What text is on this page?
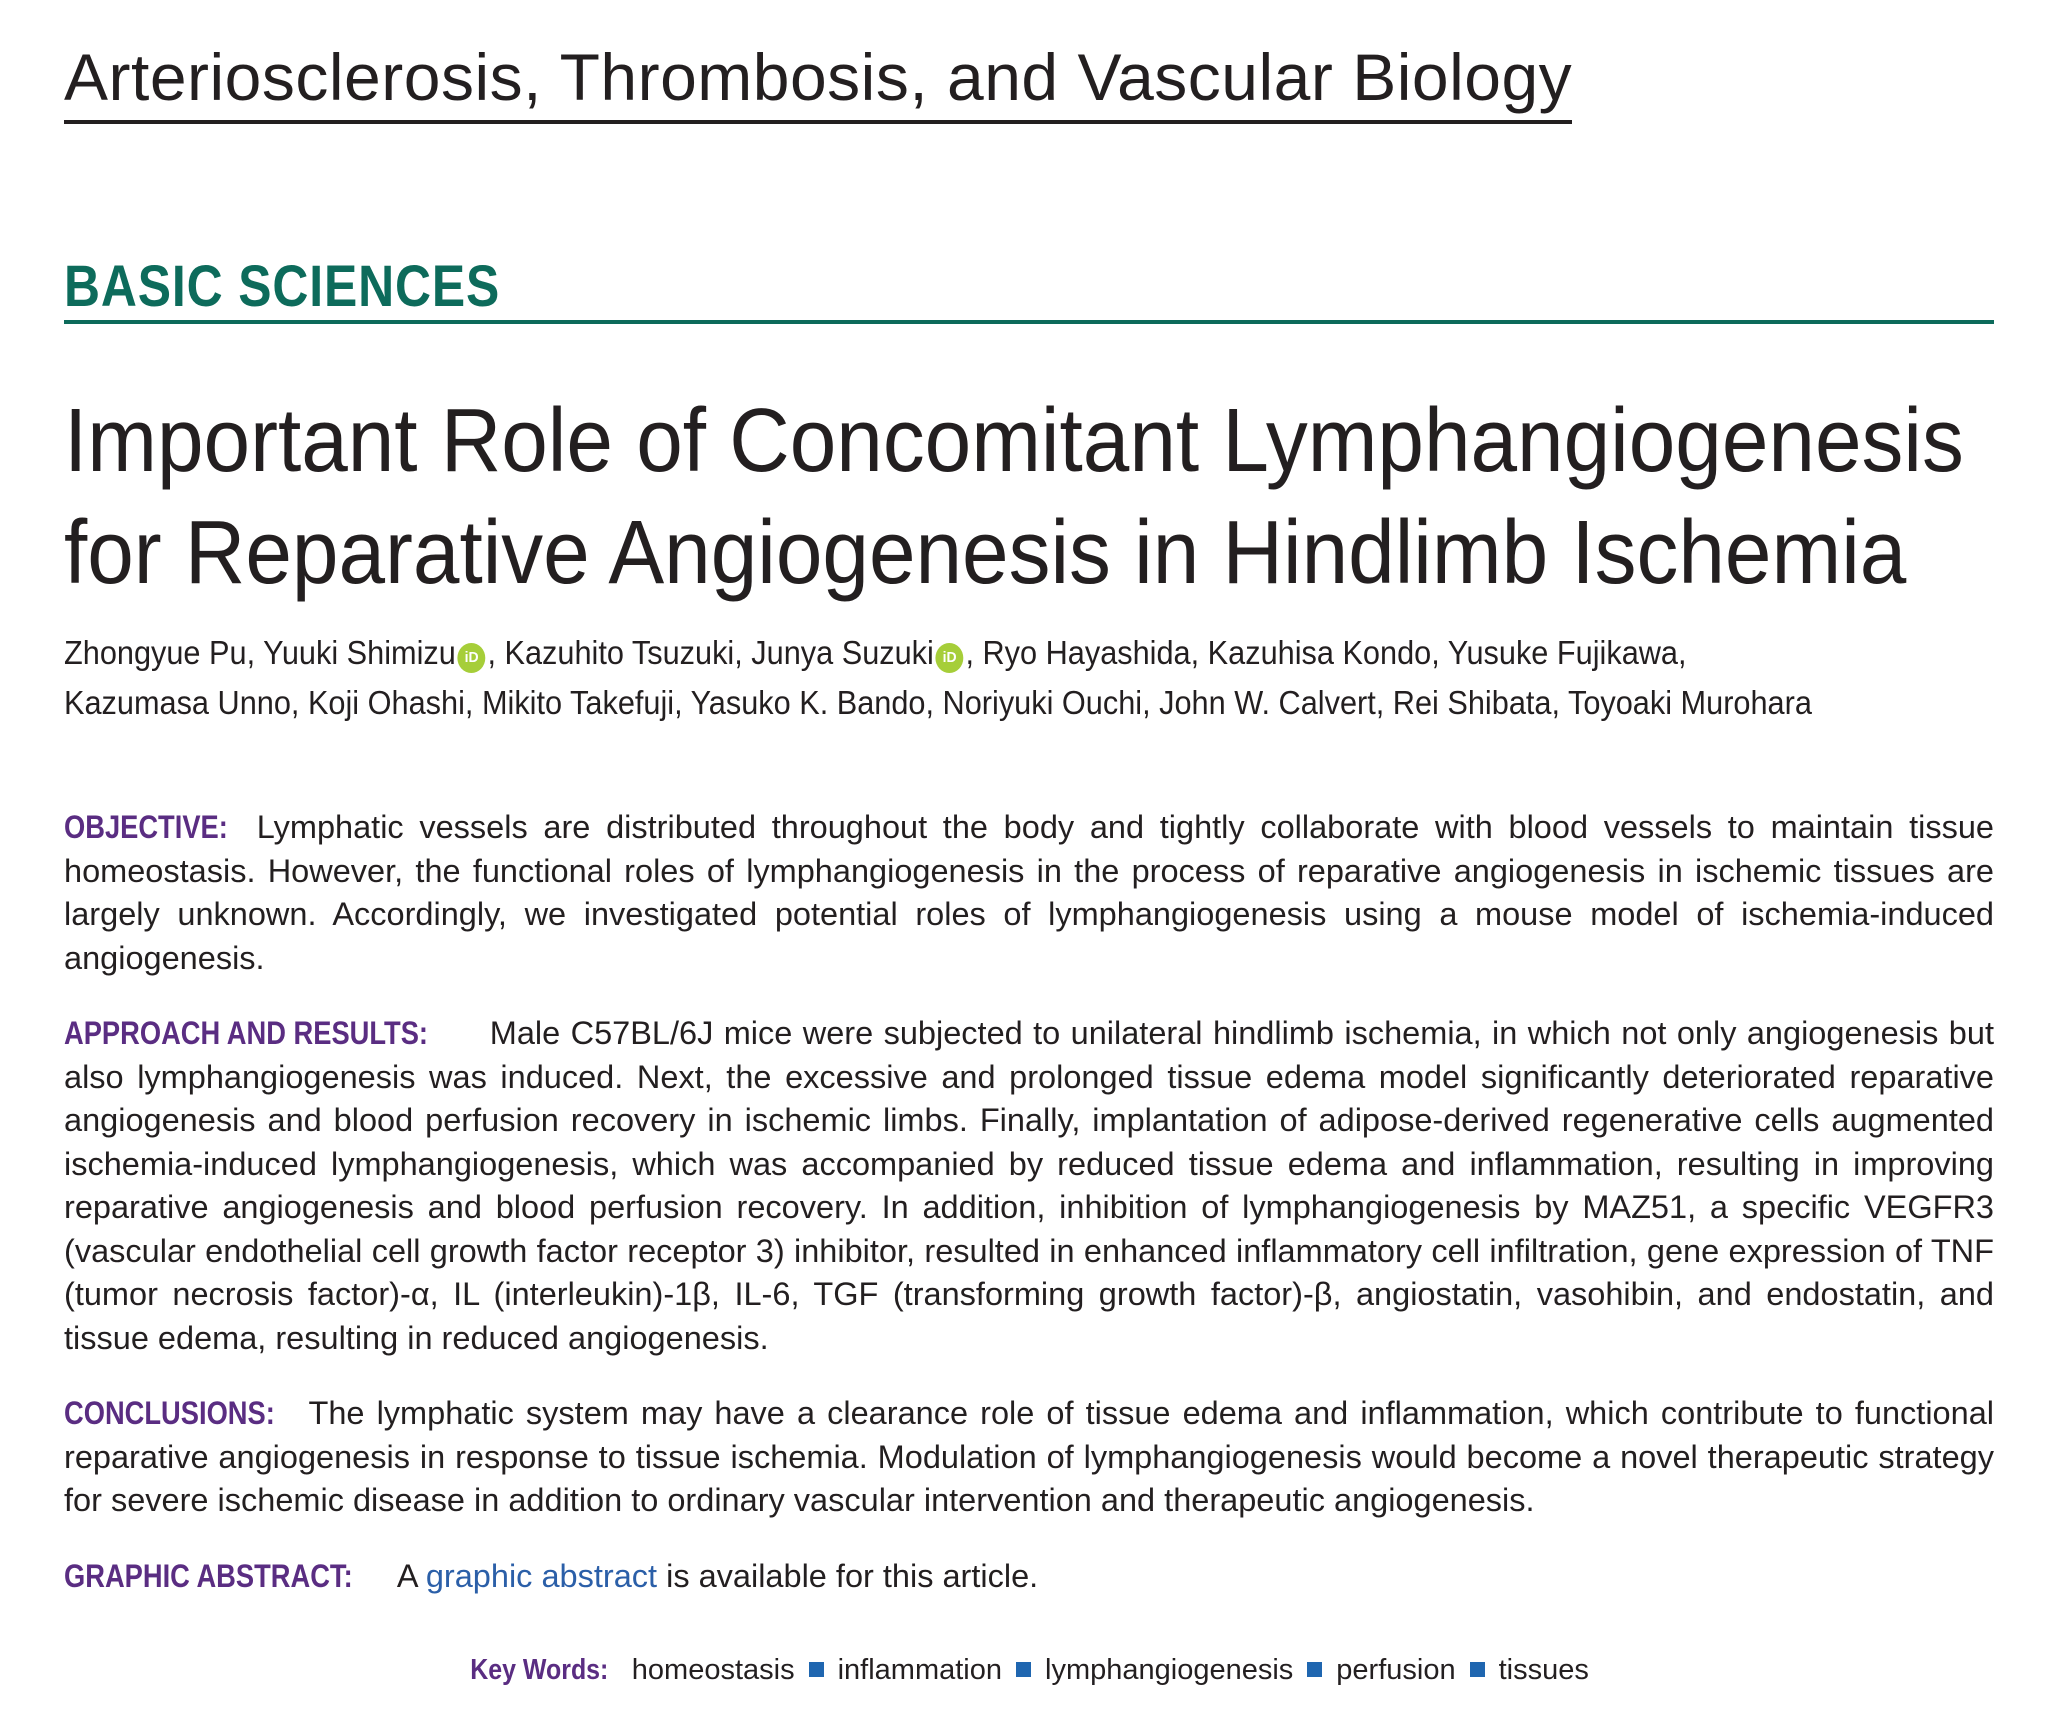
Arteriosclerosis, Thrombosis, and Vascular Biology
BASIC SCIENCES
Important Role of Concomitant Lymphangiogenesis
for Reparative Angiogenesis in Hindlimb Ischemia
Zhongyue Pu, Yuuki Shimizu iD , Kazuhito Tsuzuki, Junya Suzuki iD , Ryo Hayashida, Kazuhisa Kondo, Yusuke Fujikawa,
Kazumasa Unno, Koji Ohashi, Mikito Takefuji, Yasuko K. Bando, Noriyuki Ouchi, John W. Calvert, Rei Shibata, Toyoaki Murohara

OBJECTIVE: Lymphatic vessels are distributed throughout the body and tightly collaborate with blood vessels to maintain tissue homeostasis. However, the functional roles of lymphangiogenesis in the process of reparative angiogenesis in ischemic tissues are largely unknown. Accordingly, we investigated potential roles of lymphangiogenesis using a mouse model of ischemia-induced angiogenesis.

APPROACH AND RESULTS: Male C57BL/6J mice were subjected to unilateral hindlimb ischemia, in which not only angiogenesis but also lymphangiogenesis was induced. Next, the excessive and prolonged tissue edema model significantly deteriorated reparative angiogenesis and blood perfusion recovery in ischemic limbs. Finally, implantation of adipose-derived regenerative cells augmented ischemia-induced lymphangiogenesis, which was accompanied by reduced tissue edema and inflammation, resulting in improving reparative angiogenesis and blood perfusion recovery. In addition, inhibition of lymphangiogenesis by MAZ51, a specific VEGFR3 (vascular endothelial cell growth factor receptor 3) inhibitor, resulted in enhanced inflammatory cell infiltration, gene expression of TNF (tumor necrosis factor)-α, IL (interleukin)-1β, IL-6, TGF (transforming growth factor)-β, angiostatin, vasohibin, and endostatin, and tissue edema, resulting in reduced angiogenesis.

CONCLUSIONS: The lymphatic system may have a clearance role of tissue edema and inflammation, which contribute to functional reparative angiogenesis in response to tissue ischemia. Modulation of lymphangiogenesis would become a novel therapeutic strategy for severe ischemic disease in addition to ordinary vascular intervention and therapeutic angiogenesis.

GRAPHIC ABSTRACT: A graphic abstract is available for this article.

Key Words: homeostasis inflammation lymphangiogenesis perfusion tissues
